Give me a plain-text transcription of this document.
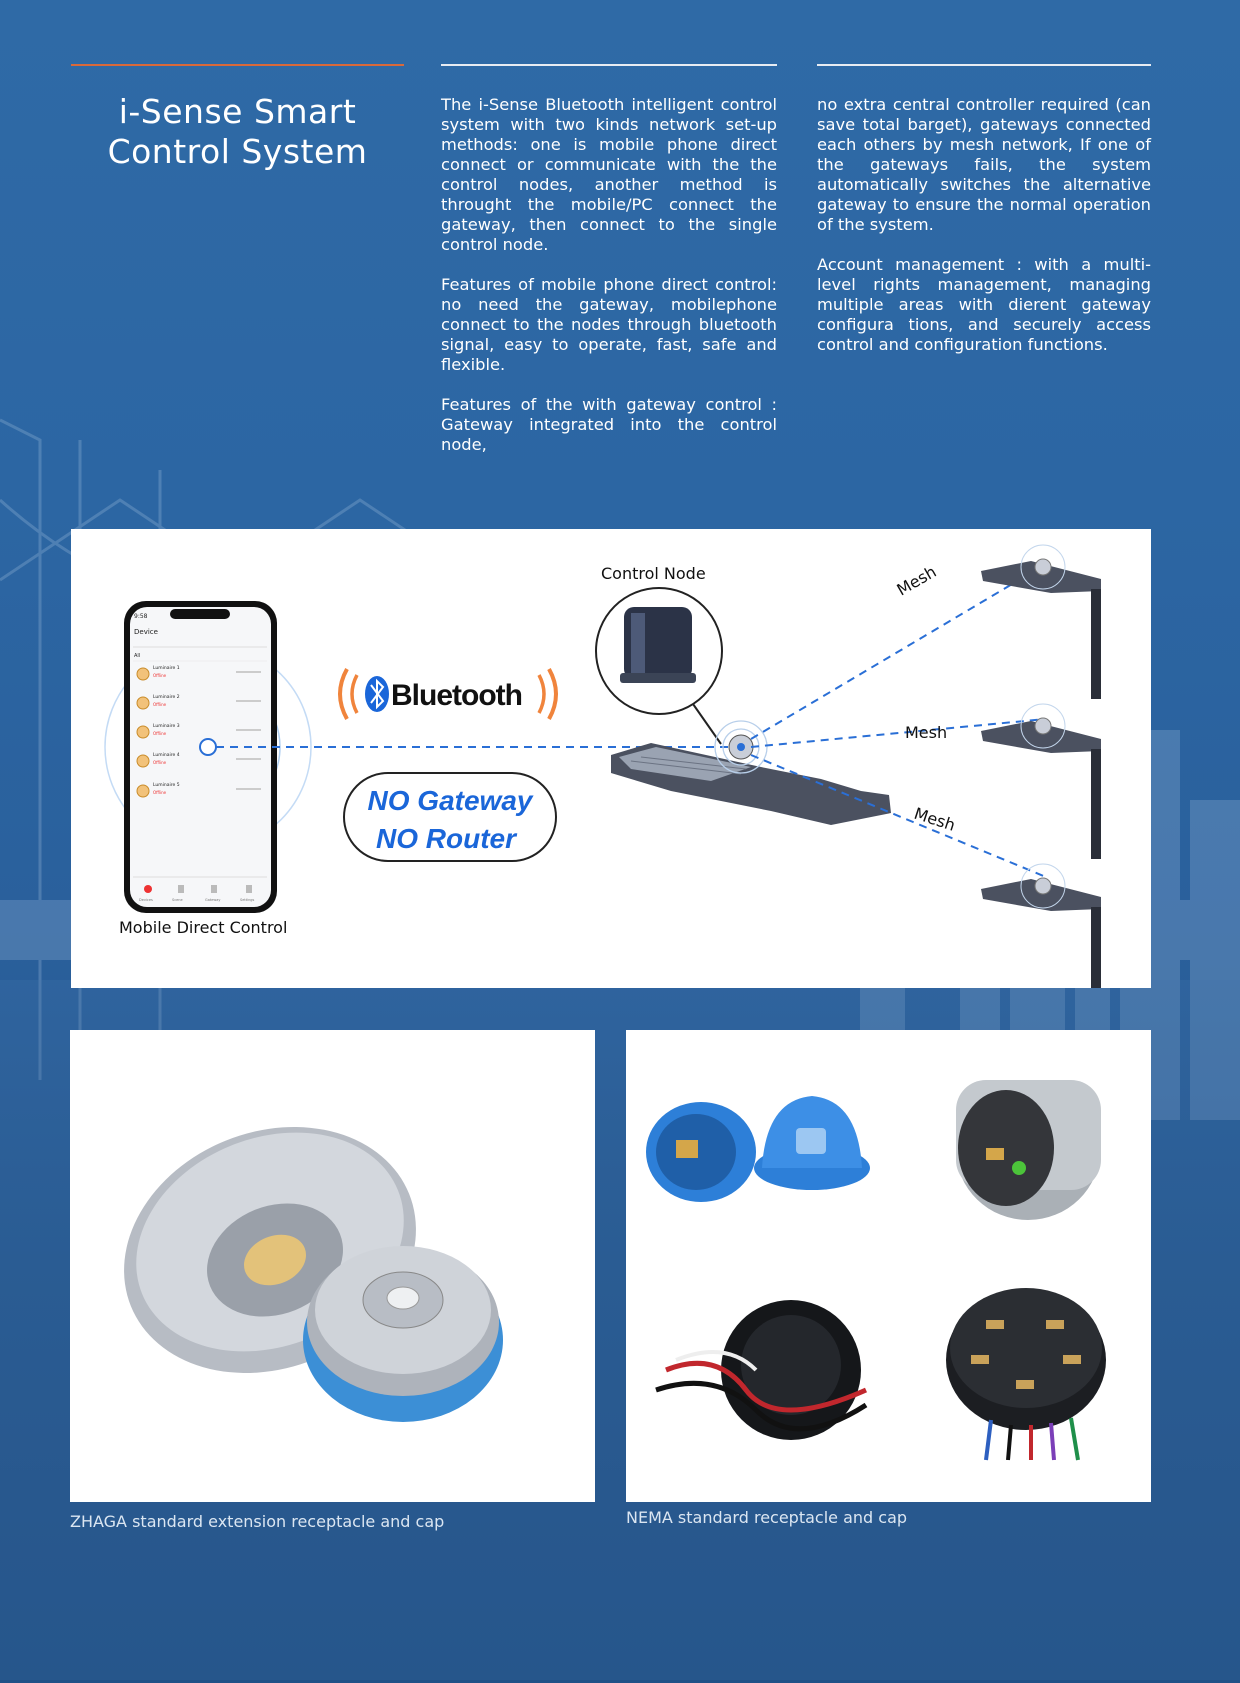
i-Sense Smart
Control System

The i-Sense Bluetooth intelligent control system with two kinds network set-up methods: one is mobile phone direct connect or communicate with the the control nodes, another method is throught the mobile/PC connect the gateway, then connect to the single control node.

Features of mobile phone direct control: no need the gateway, mobilephone connect to the nodes through bluetooth signal, easy to operate, fast, safe and flexible.

Features of the with gateway control : Gateway integrated into the control node,

no extra central controller required (can save total barget), gateways connected each others by mesh network, If one of the gateways fails, the system automatically switches the alternative gateway to ensure the normal operation of the system.

Account management : with a multi-level rights management, managing multiple areas with dierent gateway configura tions, and securely access control and configuration functions.

9:58
Device
All
Luminaire 1
Luminaire 2
Luminaire 3
Luminaire 4
Luminaire 5
Offline
Offline
Offline
Offline
Offline
Devices	Scene	Gateway	Settings
Bluetooth
NO Gateway
NO Router
Mesh
Mesh
Mesh
Control Node
Mobile Direct Control
ZHAGA standard extension receptacle and cap	NEMA standard receptacle and cap
